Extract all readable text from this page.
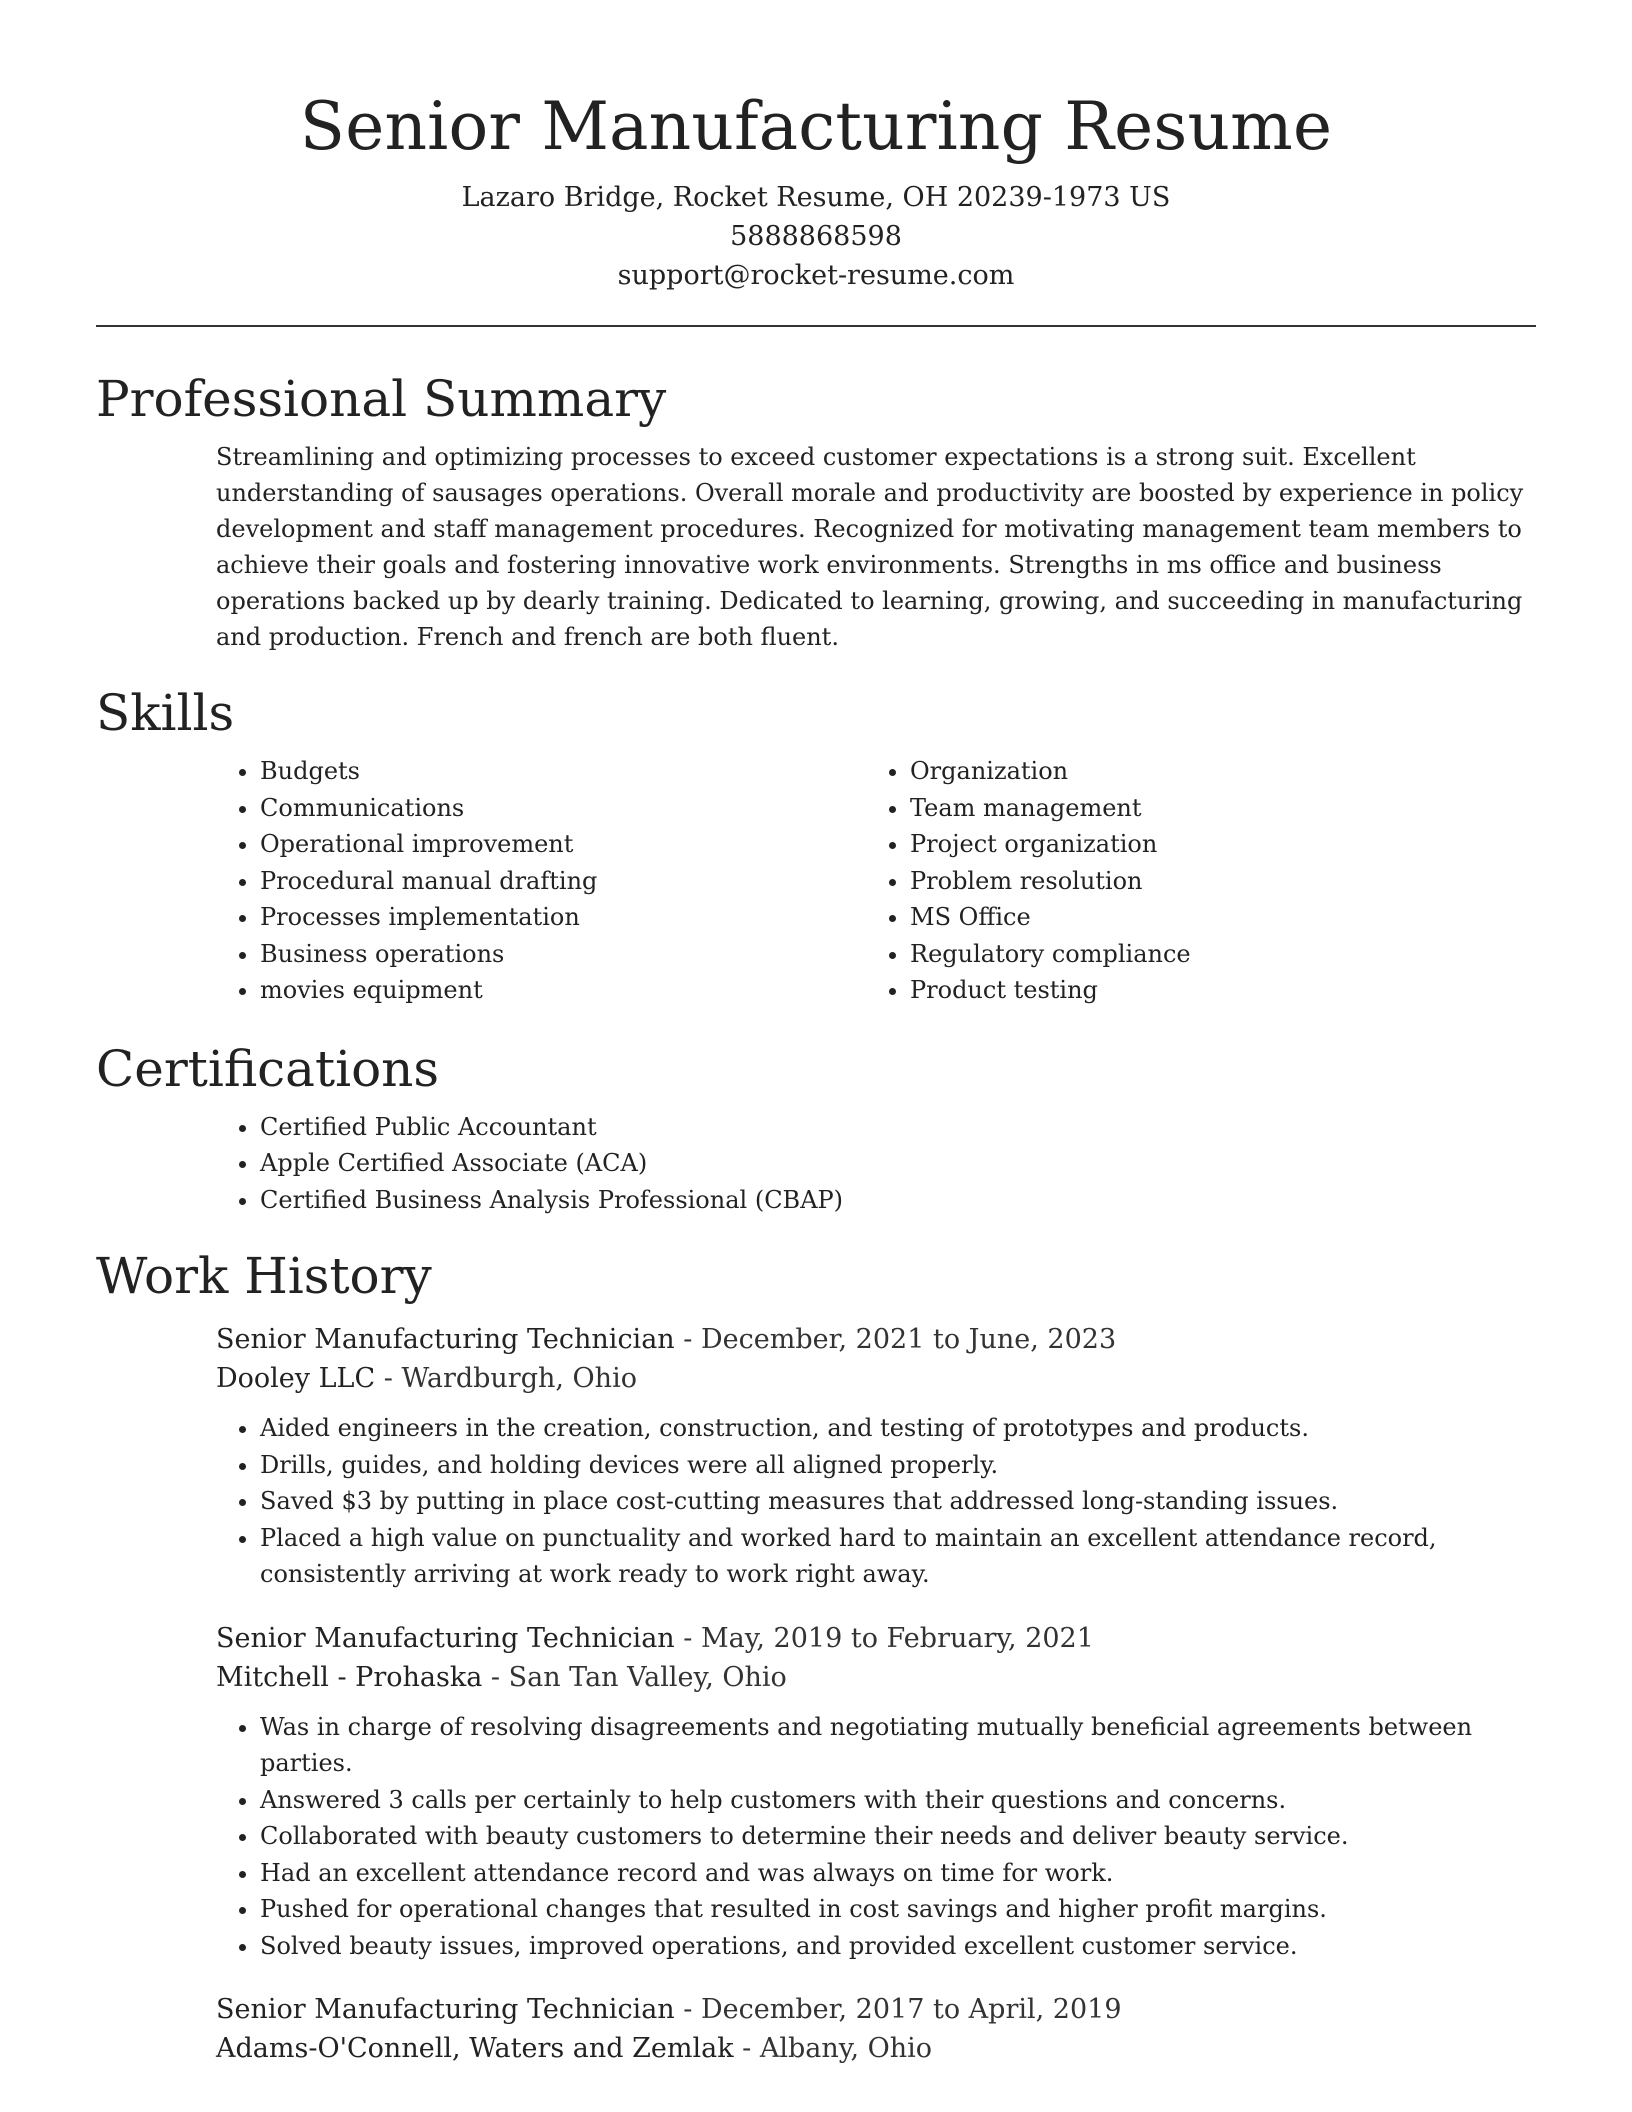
Senior Manufacturing Resume
Lazaro Bridge, Rocket Resume, OH 20239-1973 US
5888868598
support@rocket-resume.com
Professional Summary

Streamlining and optimizing processes to exceed customer expectations is a strong suit. Excellent understanding of sausages operations. Overall morale and productivity are boosted by experience in policy development and staff management procedures. Recognized for motivating management team members to achieve their goals and fostering innovative work environments. Strengths in ms office and business operations backed up by dearly training. Dedicated to learning, growing, and succeeding in manufacturing and production. French and french are both fluent.

Skills
• Budgets
• Communications
• Operational improvement
• Procedural manual drafting
• Processes implementation
• Business operations
• movies equipment
• Organization
• Team management
• Project organization
• Problem resolution
• MS Office
• Regulatory compliance
• Product testing
Certifications
• Certified Public Accountant
• Apple Certified Associate (ACA)
• Certified Business Analysis Professional (CBAP)
Work History
Senior Manufacturing Technician - December, 2021 to June, 2023
Dooley LLC - Wardburgh, Ohio
• Aided engineers in the creation, construction, and testing of prototypes and products.
• Drills, guides, and holding devices were all aligned properly.
• Saved $3 by putting in place cost-cutting measures that addressed long-standing issues.
• Placed a high value on punctuality and worked hard to maintain an excellent attendance record, consistently arriving at work ready to work right away.
Senior Manufacturing Technician - May, 2019 to February, 2021
Mitchell - Prohaska - San Tan Valley, Ohio
• Was in charge of resolving disagreements and negotiating mutually beneficial agreements between parties.
• Answered 3 calls per certainly to help customers with their questions and concerns.
• Collaborated with beauty customers to determine their needs and deliver beauty service.
• Had an excellent attendance record and was always on time for work.
• Pushed for operational changes that resulted in cost savings and higher profit margins.
• Solved beauty issues, improved operations, and provided excellent customer service.
Senior Manufacturing Technician - December, 2017 to April, 2019
Adams-O'Connell, Waters and Zemlak - Albany, Ohio
